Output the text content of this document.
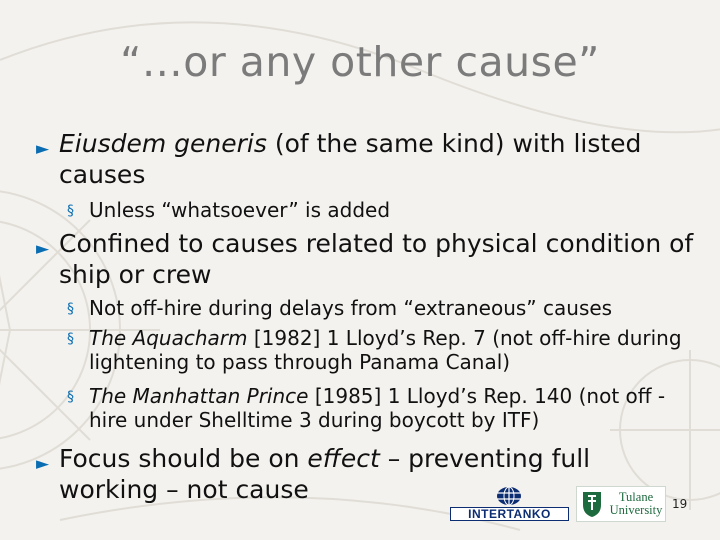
“…or any other cause”
► Eiusdem generis (of the same kind) with listed causes
§ Unless “whatsoever” is added
► Confined to causes related to physical condition of ship or crew
§ Not off-hire during delays from “extraneous” causes
§ The Aquacharm [1982] 1 Lloyd’s Rep. 7 (not off-hire during lightening to pass through Panama Canal)
§ The Manhattan Prince [1985] 1 Lloyd’s Rep. 140 (not off -hire under Shelltime 3 during boycott by ITF)
► Focus should be on effect – preventing full working – not cause
INTERTANKO
Tulane
University 19
